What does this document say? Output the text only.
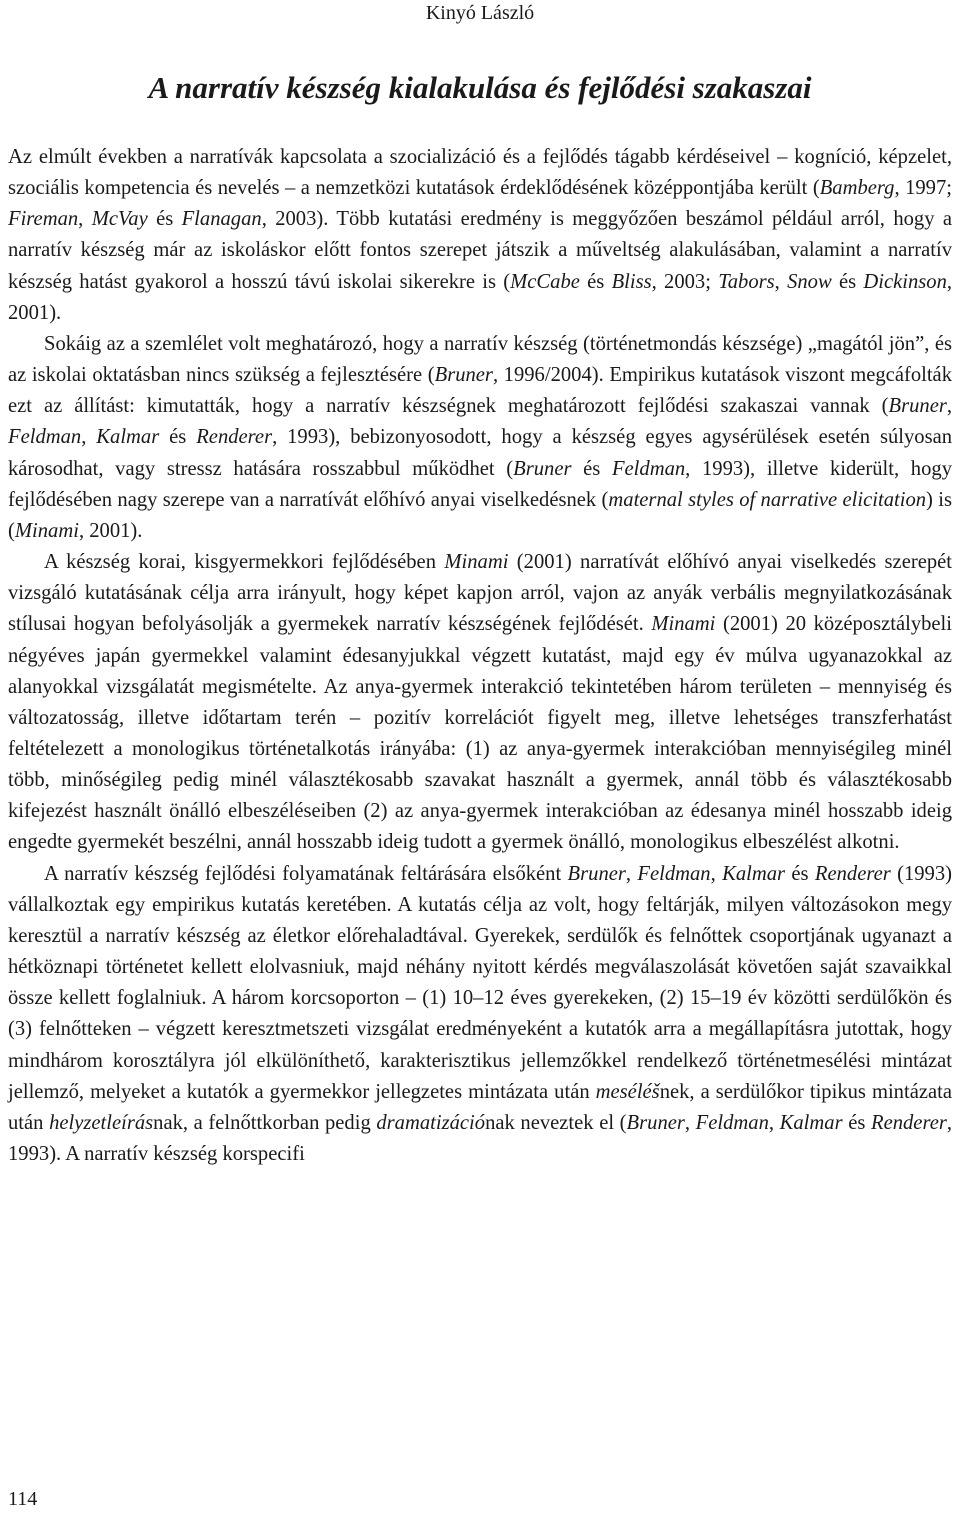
Kinyó László
A narratív készség kialakulása és fejlődési szakaszai

Az elmúlt években a narratívák kapcsolata a szocializáció és a fejlődés tágabb kérdéseivel – kogníció, képzelet, szociális kompetencia és nevelés – a nemzetközi kutatások érdeklődésének középpontjába került (Bamberg, 1997; Fireman, McVay és Flanagan, 2003). Több kutatási eredmény is meggyőzően beszámol például arról, hogy a narratív készség már az iskoláskor előtt fontos szerepet játszik a műveltség alakulásában, valamint a narratív készség hatást gyakorol a hosszú távú iskolai sikerekre is (McCabe és Bliss, 2003; Tabors, Snow és Dickinson, 2001).

Sokáig az a szemlélet volt meghatározó, hogy a narratív készség (történetmondás készsége) „magától jön”, és az iskolai oktatásban nincs szükség a fejlesztésére (Bruner, 1996/2004). Empirikus kutatások viszont megcáfolták ezt az állítást: kimutatták, hogy a narratív készségnek meghatározott fejlődési szakaszai vannak (Bruner, Feldman, Kalmar és Renderer, 1993), bebizonyosodott, hogy a készség egyes agysérülések esetén súlyosan károsodhat, vagy stressz hatására rosszabbul működhet (Bruner és Feldman, 1993), illetve kiderült, hogy fejlődésében nagy szerepe van a narratívát előhívó anyai viselkedésnek (maternal styles of narrative elicitation) is (Minami, 2001).

A készség korai, kisgyermekkori fejlődésében Minami (2001) narratívát előhívó anyai viselkedés szerepét vizsgáló kutatásának célja arra irányult, hogy képet kapjon arról, vajon az anyák verbális megnyilatkozásának stílusai hogyan befolyásolják a gyermekek narratív készségének fejlődését. Minami (2001) 20 középosztálybeli négyéves japán gyermekkel valamint édesanyjukkal végzett kutatást, majd egy év múlva ugyanazokkal az alanyokkal vizsgálatát megismételte. Az anya-gyermek interakció tekintetében három területen – mennyiség és változatosság, illetve időtartam terén – pozitív korrelációt figyelt meg, illetve lehetséges transzferhatást feltételezett a monologikus történetalkotás irányába: (1) az anya-gyermek interakcióban mennyiségileg minél több, minőségileg pedig minél választékosabb szavakat használt a gyermek, annál több és választékosabb kifejezést használt önálló elbeszéléseiben (2) az anya-gyermek interakcióban az édesanya minél hosszabb ideig engedte gyermekét beszélni, annál hosszabb ideig tudott a gyermek önálló, monologikus elbeszélést alkotni.

A narratív készség fejlődési folyamatának feltárására elsőként Bruner, Feldman, Kalmar és Renderer (1993) vállalkoztak egy empirikus kutatás keretében. A kutatás célja az volt, hogy feltárják, milyen változásokon megy keresztül a narratív készség az életkor előrehaladtával. Gyerekek, serdülők és felnőttek csoportjának ugyanazt a hétköznapi történetet kellett elolvasniuk, majd néhány nyitott kérdés megválaszolását követően saját szavaikkal össze kellett foglalniuk. A három korcsoporton – (1) 10–12 éves gyerekeken, (2) 15–19 év közötti serdülőkön és (3) felnőtteken – végzett keresztmetszeti vizsgálat eredményeként a kutatók arra a megállapításra jutottak, hogy mindhárom korosztályra jól elkülöníthető, karakterisztikus jellemzőkkel rendelkező történetmesélési mintázat jellemző, melyeket a kutatók a gyermekkor jellegzetes mintázata után meséléšnek, a serdülőkor tipikus mintázata után helyzetleírásnak, a felnőttkorban pedig dramatizációnak neveztek el (Bruner, Feldman, Kalmar és Renderer, 1993). A narratív készség korspecifi

114
